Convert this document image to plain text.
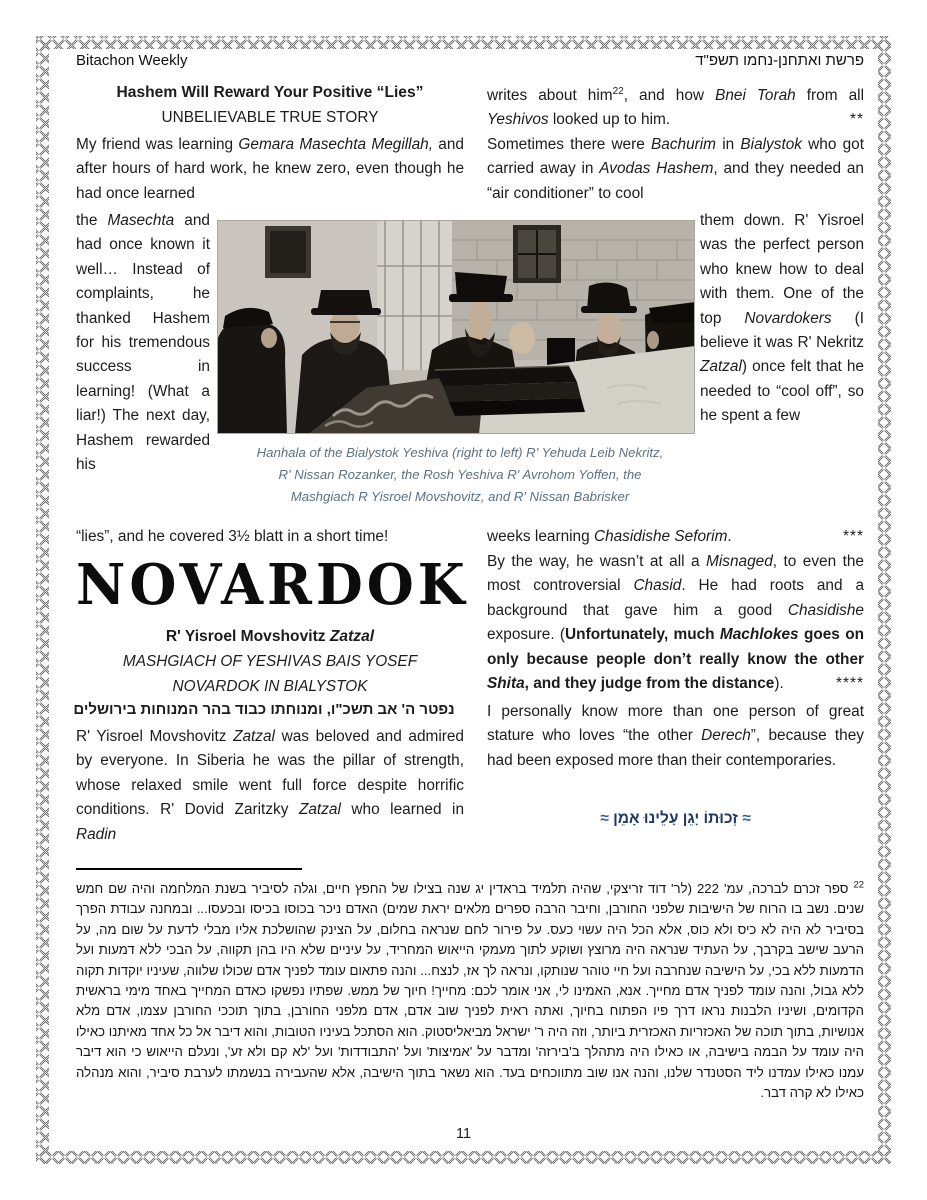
Bitachon Weekly	פרשת ואתחנן-נחמו תשפ"ד
Hashem Will Reward Your Positive “Lies”
UNBELIEVABLE TRUE STORY
My friend was learning Gemara Masechta Megillah, and after hours of hard work, he knew zero, even though he had once learned
the Masechta and had once known it well… Instead of complaints, he thanked Hashem for his tremendous success in learning! (What a liar!) The next day, Hashem rewarded his
“lies”, and he covered 3½ blatt in a short time!
NOVARDOK
R' Yisroel Movshovitz Zatzal
MASHGIACH OF YESHIVAS BAIS YOSEF
NOVARDOK IN BIALYSTOK
נפטר ה' אב תשכ"ו, ומנוחתו כבוד בהר המנוחות בירושלים
R' Yisroel Movshovitz Zatzal was beloved and admired by everyone. In Siberia he was the pillar of strength, whose relaxed smile went full force despite horrific conditions. R' Dovid Zaritzky Zatzal who learned in Radin
writes about him$^{22}$, and how Bnei Torah from all Yeshivos looked up to him.	**
Sometimes there were Bachurim in Bialystok who got carried away in Avodas Hashem, and they needed an “air conditioner” to cool
them down. R' Yisroel was the perfect person who knew how to deal with them. One of the top Novardokers (I believe it was R' Nekritz Zatzal) once felt that he needed to “cool off”, so he spent a few
weeks learning Chasidishe Seforim.	***
By the way, he wasn’t at all a Misnaged, to even the most controversial Chasid. He had roots and a background that gave him a good Chasidishe exposure. (Unfortunately, much Machlokes goes on only because people don’t really know the other Shita, and they judge from the distance).	****
I personally know more than one person of great stature who loves “the other Derech”, because they had been exposed more than their contemporaries.
≈ זְכוּתוֹ יָגֵן עָלֵינוּ אָמֵן ≈
Hanhala of the Bialystok Yeshiva (right to left) R' Yehuda Leib Nekritz,
R' Nissan Rozanker, the Rosh Yeshiva R' Avrohom Yoffen, the
Mashgiach R Yisroel Movshovitz, and R' Nissan Babrisker
$^{22}$ ספר זכרם לברכה, עמ' 222 (לר' דוד זריצקי, שהיה תלמיד בראדין יג שנה בצילו של החפץ חיים, וגלה לסיביר בשנת המלחמה והיה שם חמש שנים. נשב בו הרוח של הישיבות שלפני החורבן, וחיבר הרבה ספרים מלאים יראת שמים) האדם ניכר בכוסו בכיסו ובכעסו... ובמחנה עבודת הפרך בסיביר לא היה לא כיס ולא כוס, אלא הכל היה עשוי כעס. על פירור לחם שנראה בחלום, על הצינק שהושלכת אליו מבלי לדעת על שום מה, על הרעב שישב בקרבך, על העתיד שנראה היה מרוצץ ושוקע לתוך מעמקי הייאוש המחריד, על עיניים שלא היו בהן תקווה, על הבכי ללא דמעות ועל הדמעות ללא בכי, על הישיבה שנחרבה ועל חיי טוהר שנותקו, ונראה לך אז, לנצח... והנה פתאום עומד לפניך אדם שכולו שלווה, שעיניו יוקדות תקוה ללא גבול, והנה עומד לפניך אדם מחייך. אנא, האמינו לי, אני אומר לכם: מחייך! חיוך של ממש. שפתיו נפשקו כאדם המחייך באחד מימי בראשית הקדומים, ושיניו הלבנות נראו דרך פיו הפתוח בחיוך, ואתה ראית לפניך שוב אדם, אדם מלפני החורבן, בתוך תוככי החורבן עצמו, אדם מלא אנושיות, בתוך תוכה של האכזריות האכזרית ביותר, וזה היה ר' ישראל מביאליסטוק. הוא הסתכל בעיניו הטובות, והוא דיבר אל כל אחד מאיתנו כאילו היה עומד על הבמה בישיבה, או כאילו היה מתהלך ב'בירזה' ומדבר על 'אמיצות' ועל 'התבודדות' ועל 'לא קם ולא זע', ונעלם הייאוש כי הוא דיבר עמנו כאילו עמדנו ליד הסטנדר שלנו, והנה אנו שוב מתווכחים בעד. הוא נשאר בתוך הישיבה, אלא שהעבירה בנשמתו לערבת סיביר, והוא מנהלה כאילו לא קרה דבר.
11
